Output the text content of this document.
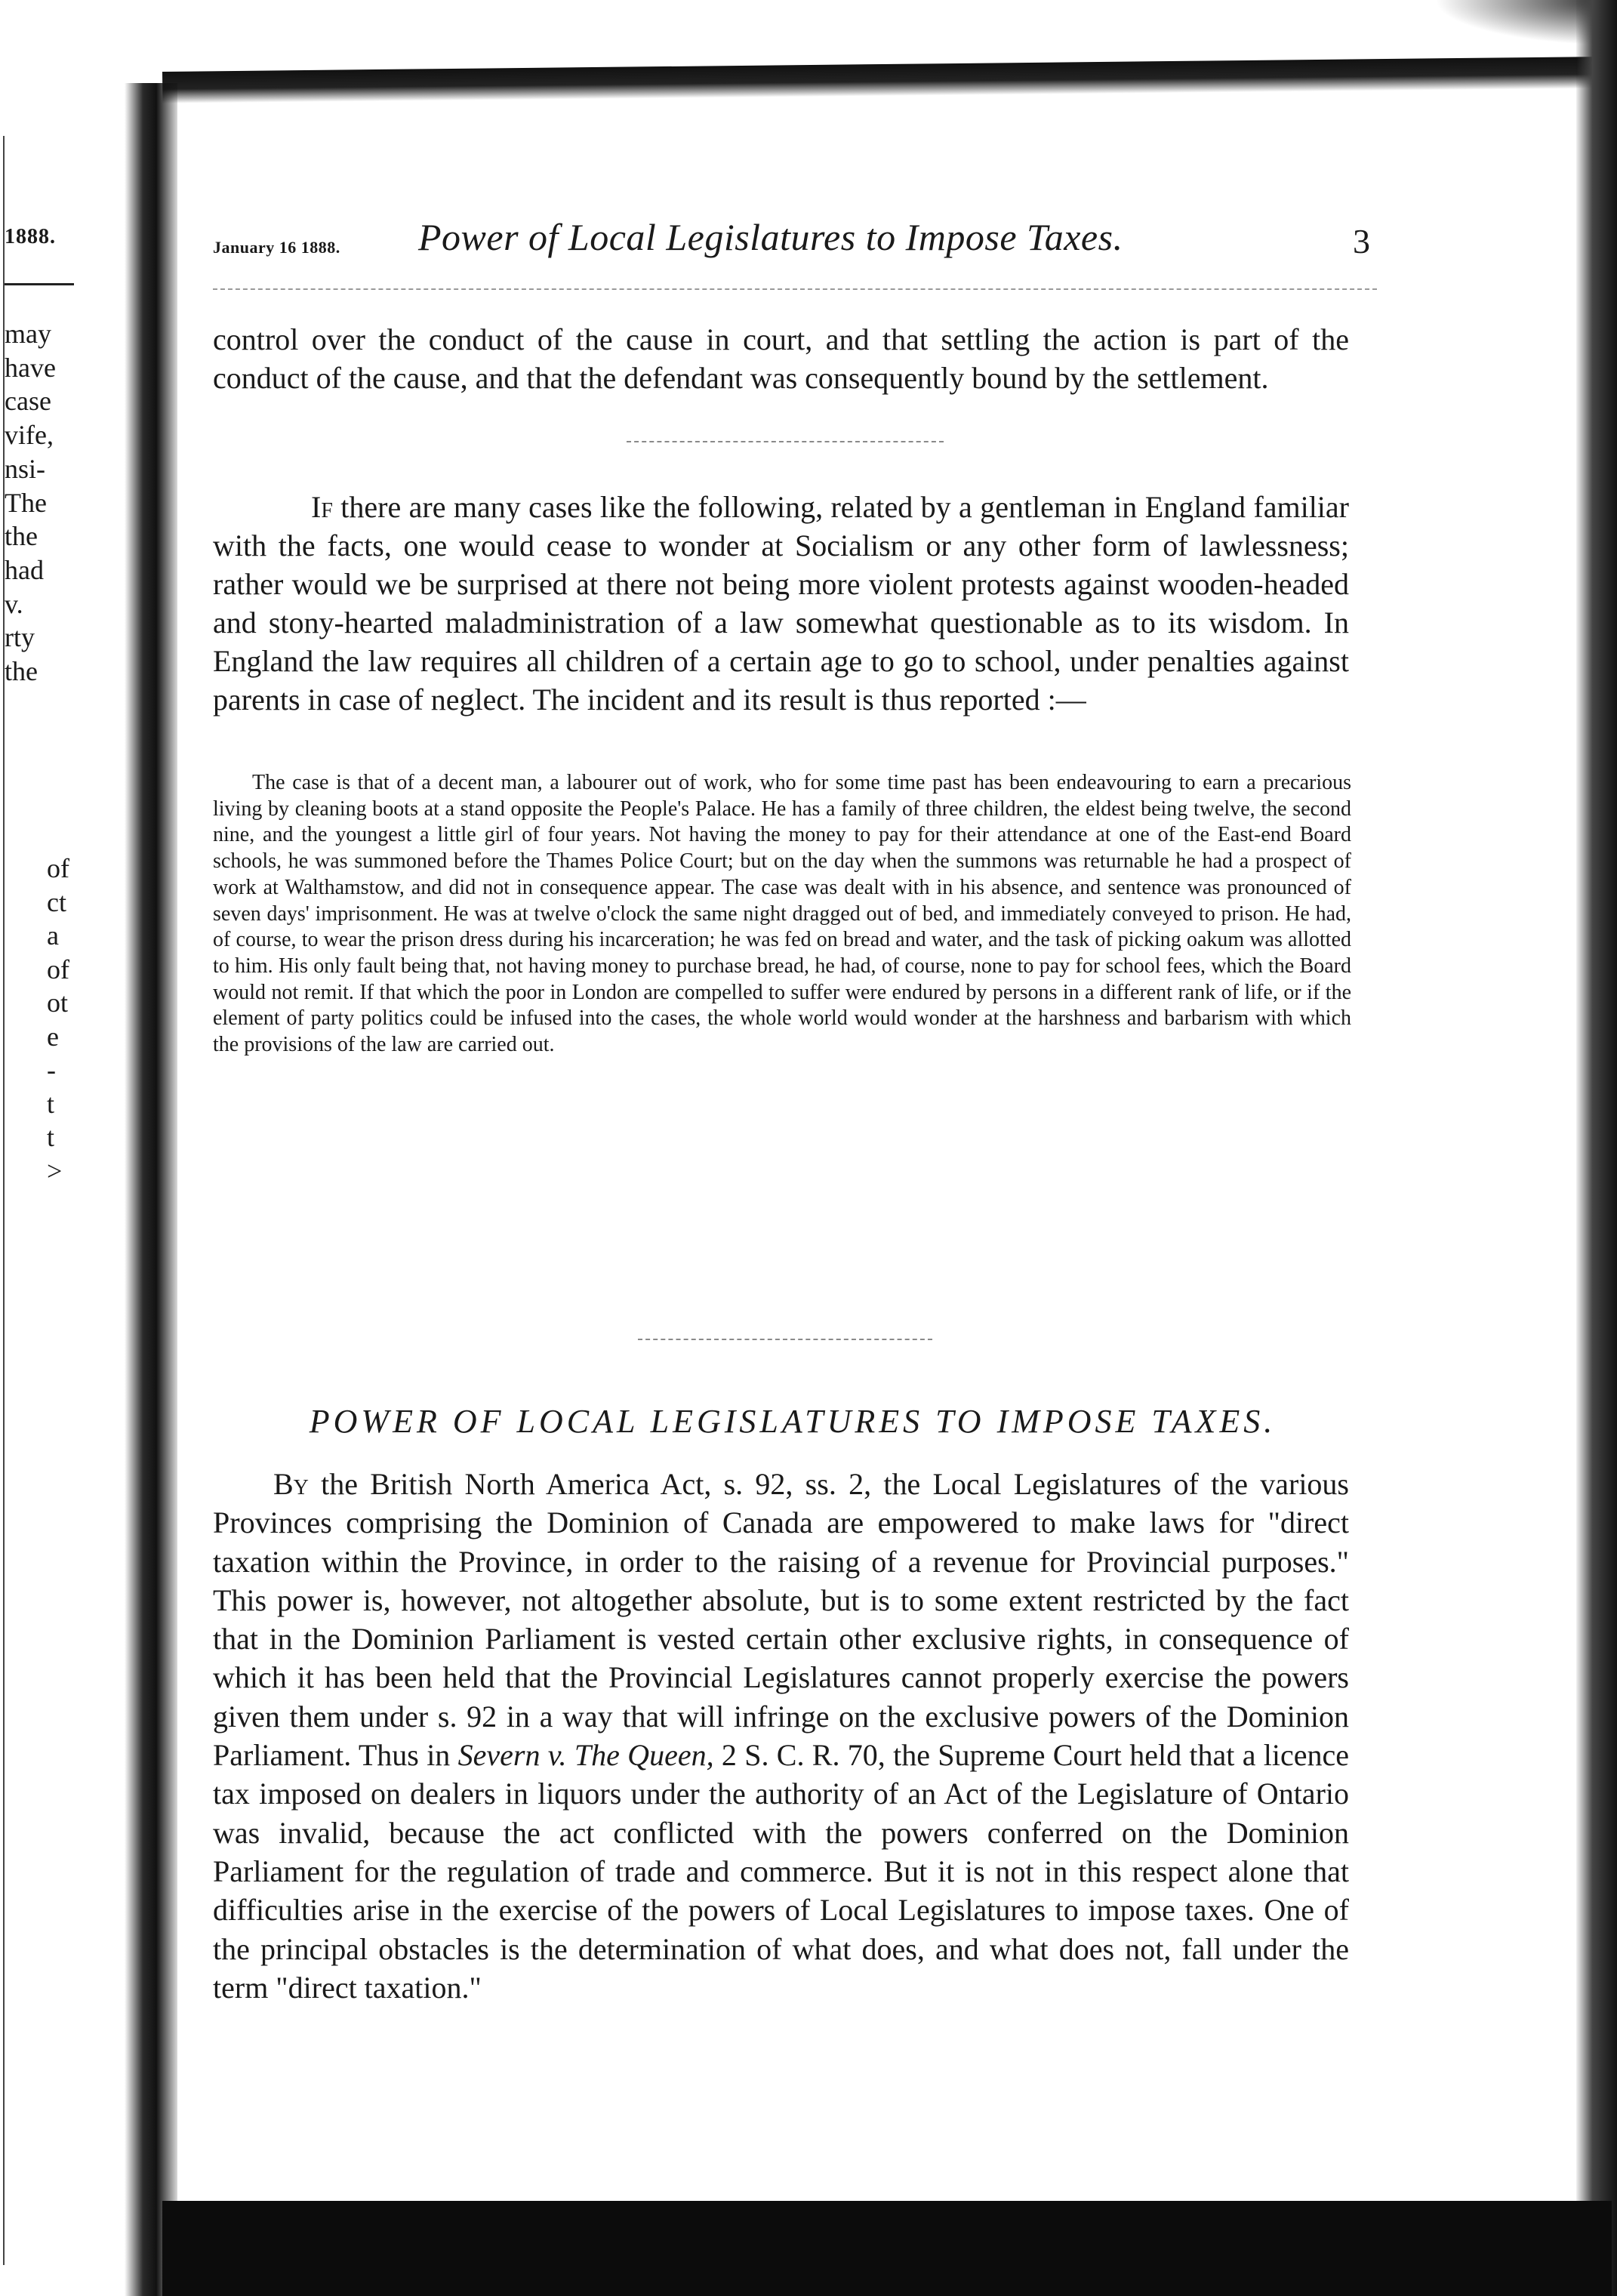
1888.
may
have
case
vife,
nsi-
The
the
had
v.
rty
the
of
ct
a
of
ot
e
-
t
t
>
January 16 1888. Power of Local Legislatures to Impose Taxes.	3

control over the conduct of the cause in court, and that settling the action is part of the conduct of the cause, and that the defendant was consequently bound by the settlement.

If there are many cases like the following, related by a gentleman in England familiar with the facts, one would cease to wonder at Socialism or any other form of lawlessness; rather would we be surprised at there not being more violent protests against wooden-headed and stony-hearted maladministration of a law somewhat questionable as to its wisdom. In England the law requires all children of a certain age to go to school, under penalties against parents in case of neglect. The incident and its result is thus reported :—

The case is that of a decent man, a labourer out of work, who for some time past has been endeavouring to earn a precarious living by cleaning boots at a stand opposite the People's Palace. He has a family of three children, the eldest being twelve, the second nine, and the youngest a little girl of four years. Not having the money to pay for their attendance at one of the East-end Board schools, he was summoned before the Thames Police Court; but on the day when the summons was returnable he had a prospect of work at Walthamstow, and did not in consequence appear. The case was dealt with in his absence, and sentence was pronounced of seven days' imprisonment. He was at twelve o'clock the same night dragged out of bed, and immediately conveyed to prison. He had, of course, to wear the prison dress during his incarceration; he was fed on bread and water, and the task of picking oakum was allotted to him. His only fault being that, not having money to purchase bread, he had, of course, none to pay for school fees, which the Board would not remit. If that which the poor in London are compelled to suffer were endured by persons in a different rank of life, or if the element of party politics could be infused into the cases, the whole world would wonder at the harshness and barbarism with which the provisions of the law are carried out.

POWER OF LOCAL LEGISLATURES TO IMPOSE TAXES.

By the British North America Act, s. 92, ss. 2, the Local Legislatures of the various Provinces comprising the Dominion of Canada are empowered to make laws for "direct taxation within the Province, in order to the raising of a revenue for Provincial purposes." This power is, however, not altogether absolute, but is to some extent restricted by the fact that in the Dominion Parliament is vested certain other exclusive rights, in consequence of which it has been held that the Provincial Legislatures cannot properly exercise the powers given them under s. 92 in a way that will infringe on the exclusive powers of the Dominion Parliament. Thus in Severn v. The Queen, 2 S. C. R. 70, the Supreme Court held that a licence tax imposed on dealers in liquors under the authority of an Act of the Legislature of Ontario was invalid, because the act conflicted with the powers conferred on the Dominion Parliament for the regulation of trade and commerce. But it is not in this respect alone that difficulties arise in the exercise of the powers of Local Legislatures to impose taxes. One of the principal obstacles is the determination of what does, and what does not, fall under the term "direct taxation."
